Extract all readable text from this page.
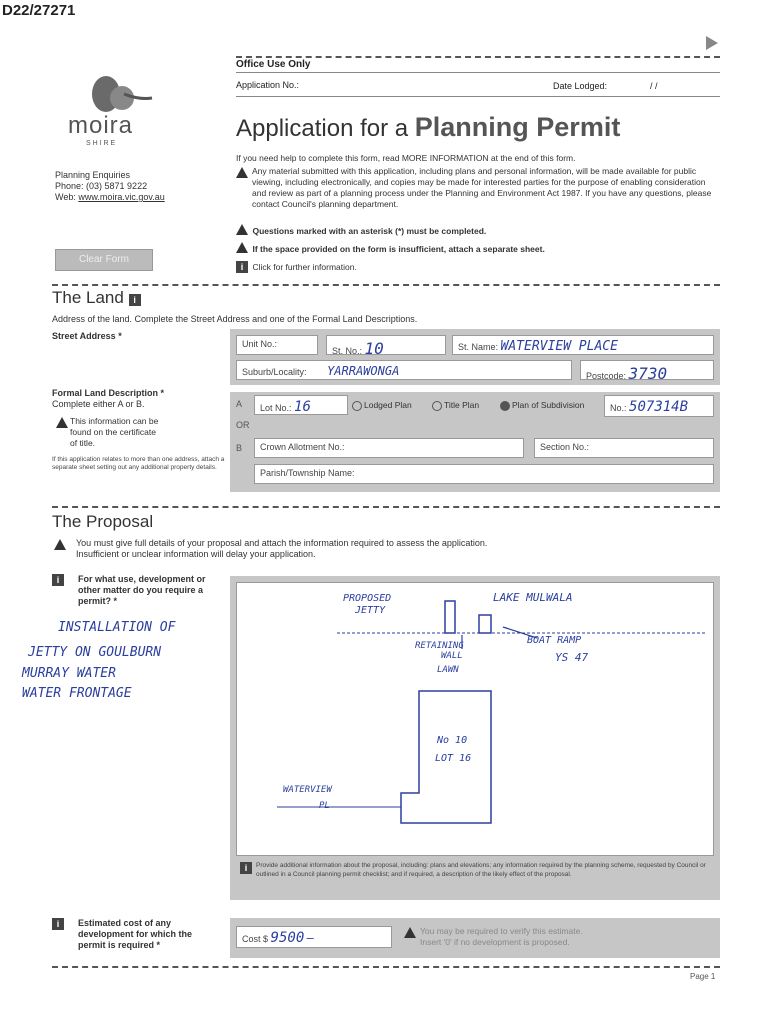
D22/27271
moira
S H I R E
Planning Enquiries
Phone: (03) 5871 9222
Web: www.moira.vic.gov.au
Clear Form
Office Use Only
Application No.:	Date Lodged:	/ /
Application for a Planning Permit
If you need help to complete this form, read MORE INFORMATION at the end of this form.
Any material submitted with this application, including plans and personal information, will be made available for public viewing, including electronically, and copies may be made for interested parties for the purpose of enabling consideration and review as part of a planning process under the Planning and Environment Act 1987. If you have any questions, please contact Council's planning department.
Questions marked with an asterisk (*) must be completed.
If the space provided on the form is insufficient, attach a separate sheet.
i Click for further information.
The Land i
Address of the land. Complete the Street Address and one of the Formal Land Descriptions.
Street Address *
Unit No.:
St. No.: 10	St. Name: WATERVIEW PLACE
Suburb/Locality: YARRAWONGA	Postcode: 3730
Formal Land Description *
Complete either A or B.
This information can be found on the certificate of title.
If this application relates to more than one address, attach a separate sheet setting out any additional property details.
A	Lot No.: 16	Lodged Plan	Title Plan	Plan of Subdivision	No.: 507314B
OR
B	Crown Allotment No.:	Section No.:
Parish/Township Name:
The Proposal
You must give full details of your proposal and attach the information required to assess the application.
Insufficient or unclear information will delay your application.
i	For what use, development or other matter do you require a permit? *
INSTALLATION OF
JETTY ON GOULBURN
MURRAY WATER
WATER FRONTAGE
PROPOSED
JETTY
LAKE MULWALA
RETAINING
WALL
LAWN
BOAT RAMP
YS 47
No 10
LOT 16
WATERVIEW
PL
i	Provide additional information about the proposal, including: plans and elevations; any information required by the planning scheme, requested by Council or outlined in a Council planning permit checklist; and if required, a description of the likely effect of the proposal.
i	Estimated cost of any development for which the permit is required *
Cost $ 9500 —	You may be required to verify this estimate.
Insert '0' if no development is proposed.
Page 1
